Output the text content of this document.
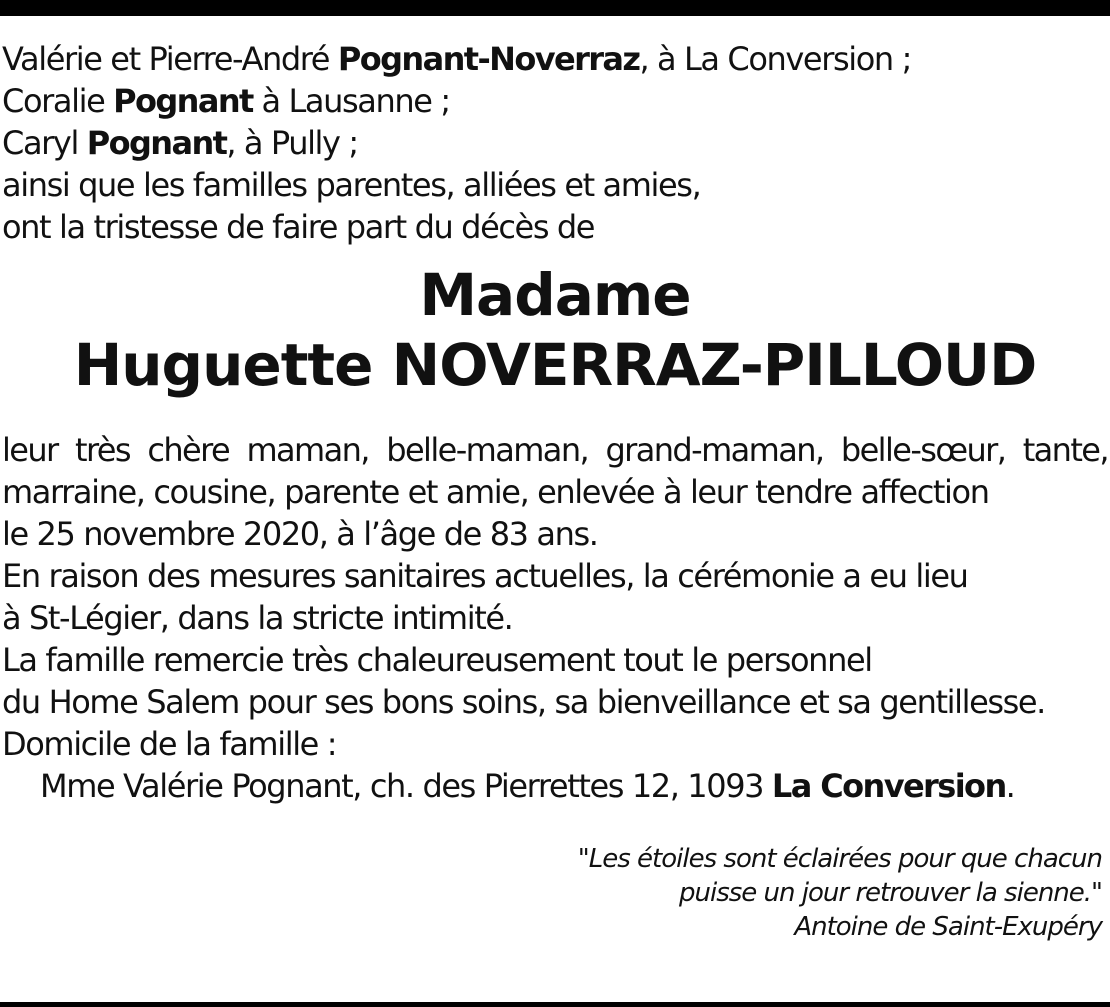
Valérie et Pierre-André Pognant-Noverraz, à La Conversion ;
Coralie Pognant à Lausanne ;
Caryl Pognant, à Pully ;
ainsi que les familles parentes, alliées et amies,
ont la tristesse de faire part du décès de
Madame
Huguette NOVERRAZ-PILLOUD
leur très chère maman, belle-maman, grand-maman, belle-sœur, tante,
marraine, cousine, parente et amie, enlevée à leur tendre affection
le 25 novembre 2020, à l’âge de 83 ans.
En raison des mesures sanitaires actuelles, la cérémonie a eu lieu
à St-Légier, dans la stricte intimité.
La famille remercie très chaleureusement tout le personnel
du Home Salem pour ses bons soins, sa bienveillance et sa gentillesse.
Domicile de la famille :
Mme Valérie Pognant, ch. des Pierrettes 12, 1093 La Conversion.
"Les étoiles sont éclairées pour que chacun
puisse un jour retrouver la sienne."
Antoine de Saint-Exupéry
